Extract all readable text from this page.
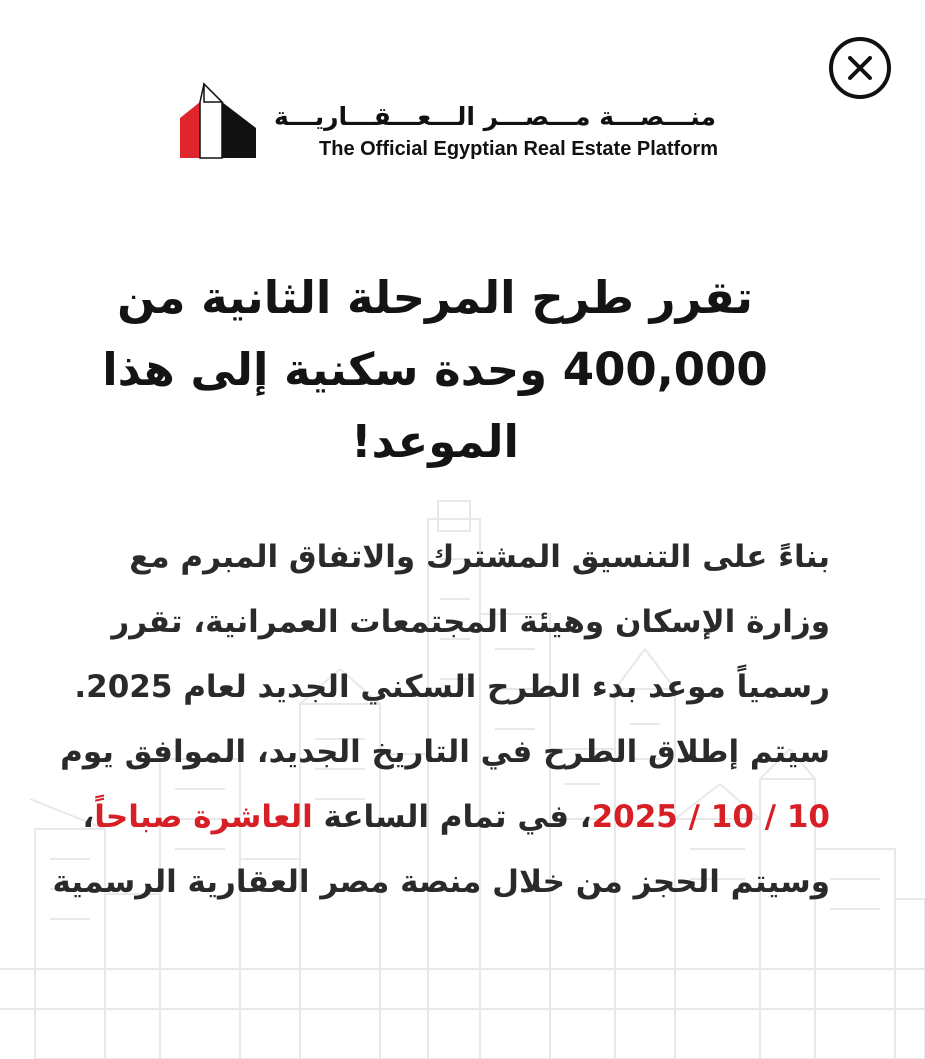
منـــصـــة مـــصـــر الـــعـــقـــاريـــة
The Official Egyptian Real Estate Platform
تقرر طرح المرحلة الثانية من 400,000 وحدة سكنية إلى هذا الموعد!
بناءً على التنسيق المشترك والاتفاق المبرم مع وزارة الإسكان وهيئة المجتمعات العمرانية، تقرر رسمياً موعد بدء الطرح السكني الجديد لعام 2025. سيتم إطلاق الطرح في التاريخ الجديد، الموافق يوم 10 / 10 / 2025، في تمام الساعة العاشرة صباحاً، وسيتم الحجز من خلال منصة مصر العقارية الرسمية
